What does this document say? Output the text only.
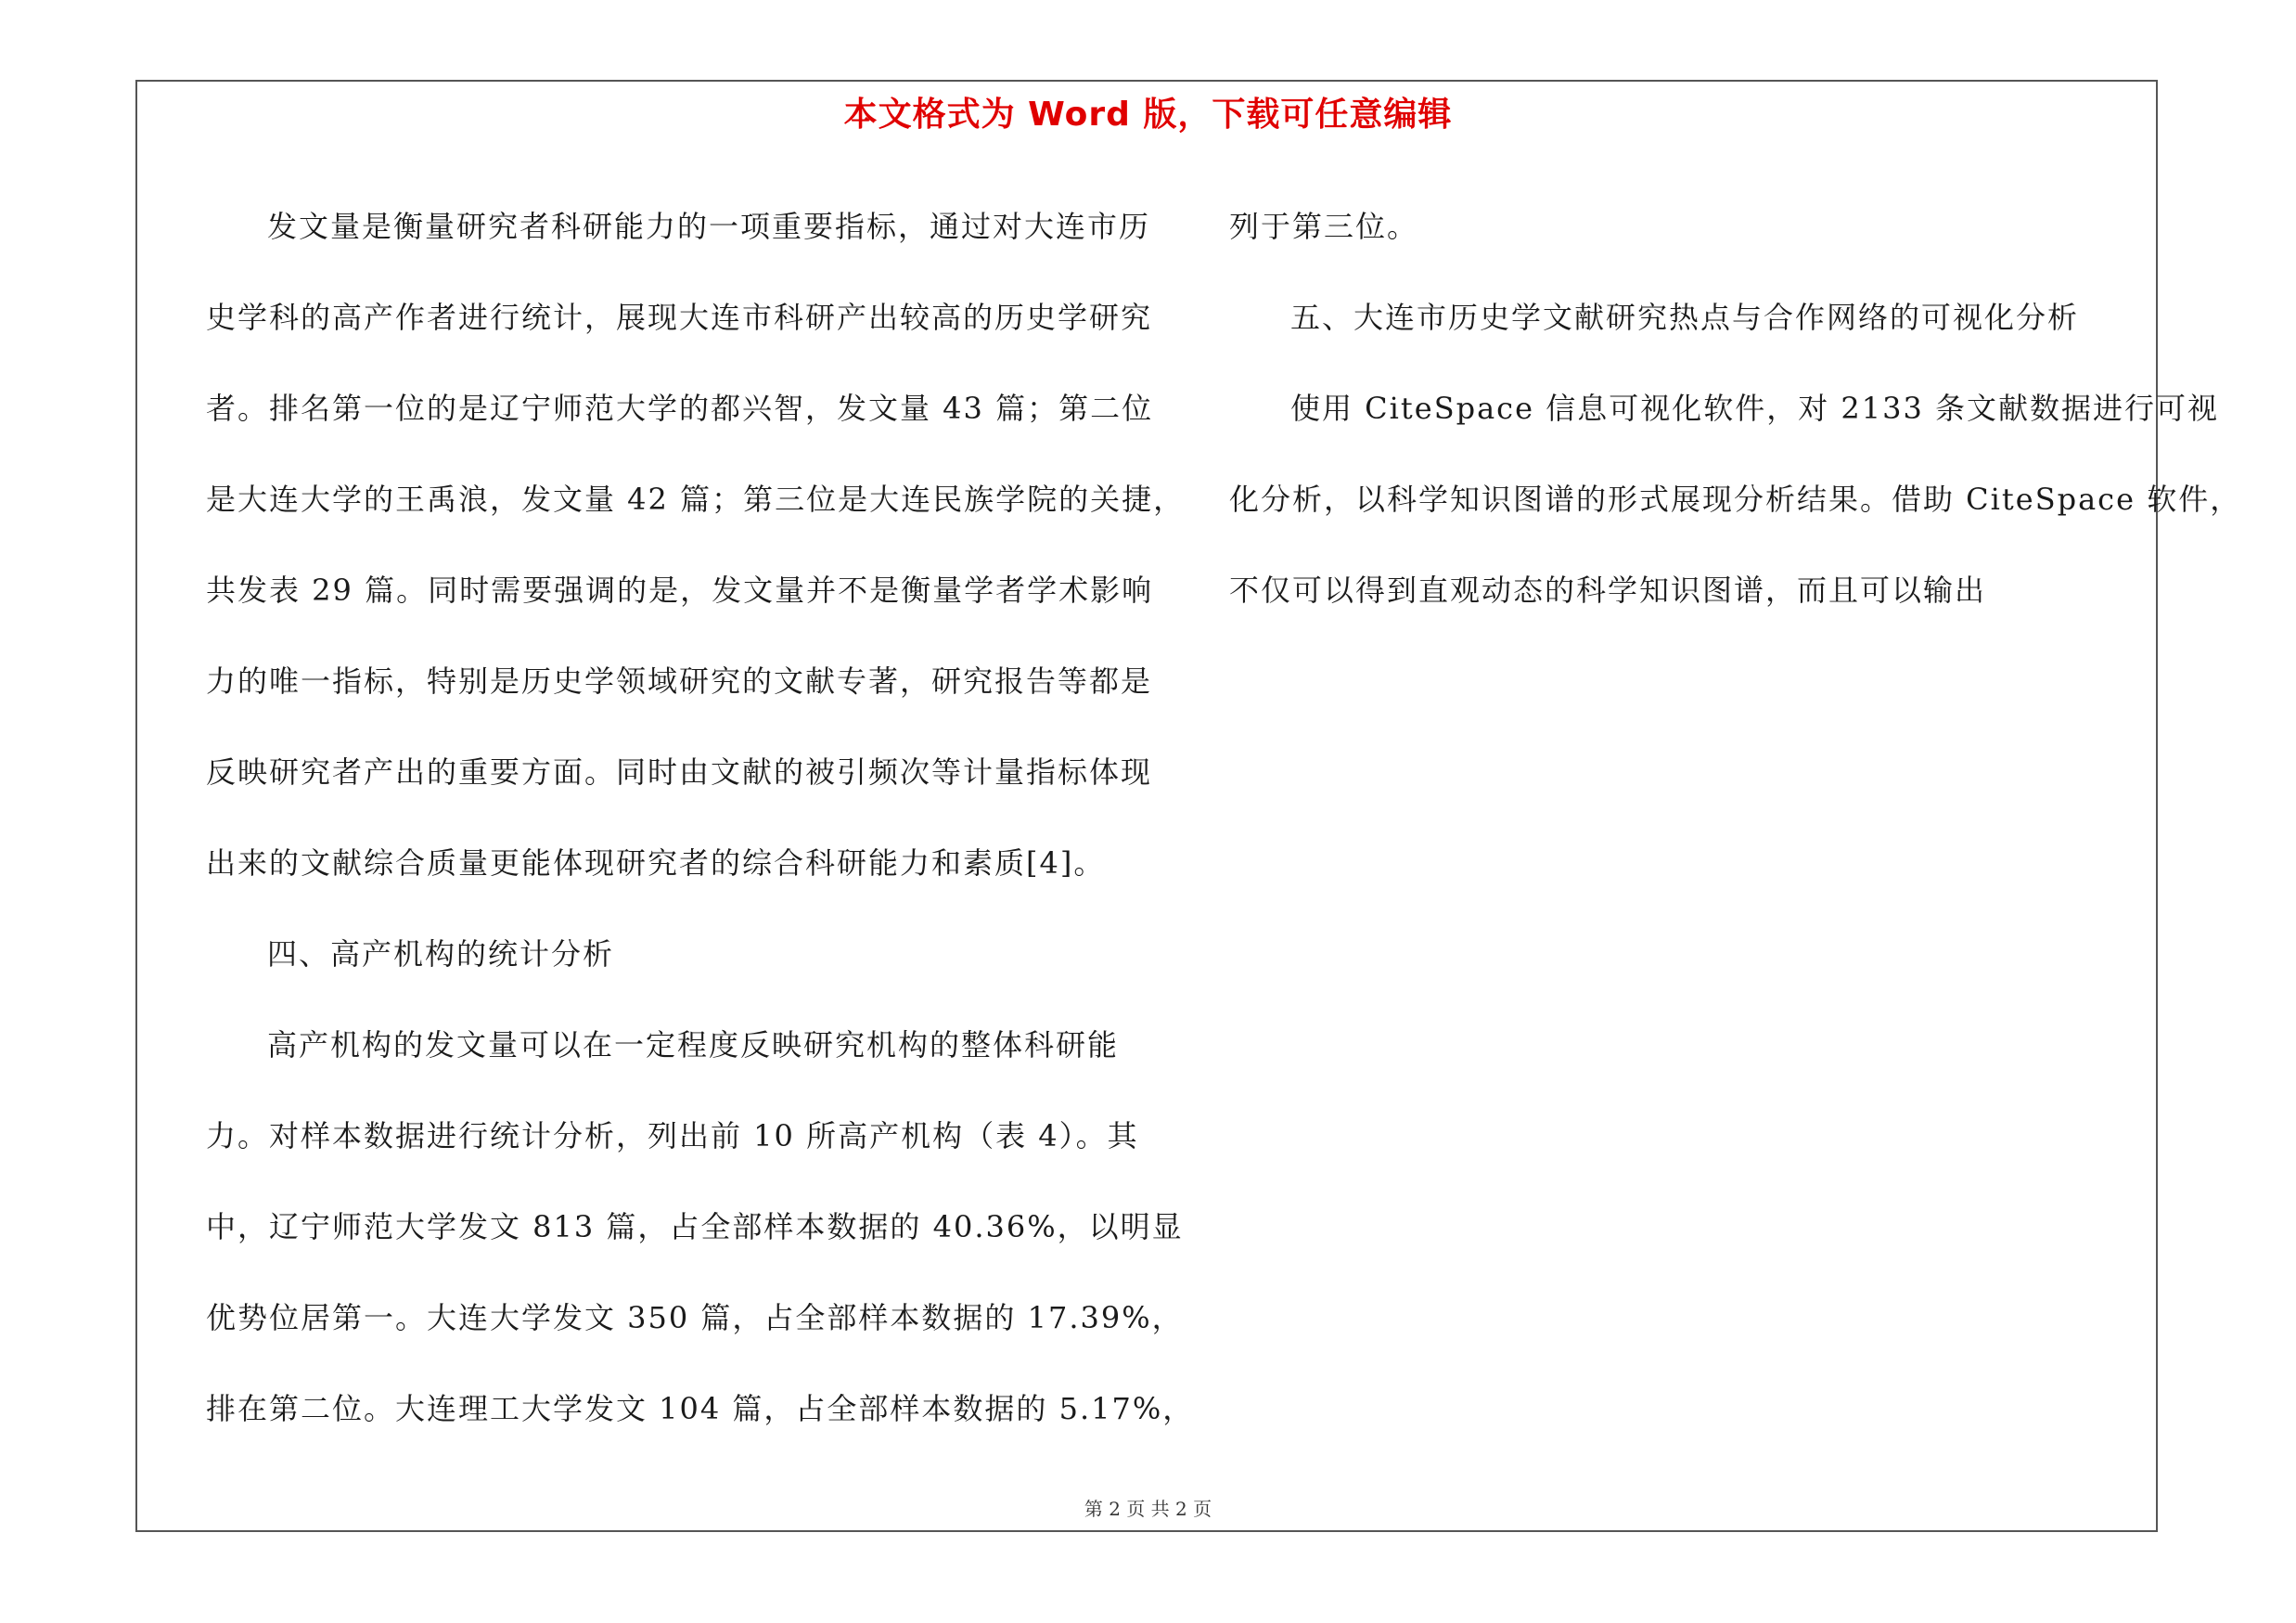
本文格式为 Word 版，下载可任意编辑
发文量是衡量研究者科研能力的一项重要指标，通过对大连市历
史学科的高产作者进行统计，展现大连市科研产出较高的历史学研究
者。排名第一位的是辽宁师范大学的都兴智，发文量 43 篇；第二位
是大连大学的王禹浪，发文量 42 篇；第三位是大连民族学院的关捷，
共发表 29 篇。同时需要强调的是，发文量并不是衡量学者学术影响
力的唯一指标，特别是历史学领域研究的文献专著，研究报告等都是
反映研究者产出的重要方面。同时由文献的被引频次等计量指标体现
出来的文献综合质量更能体现研究者的综合科研能力和素质[4]。
四、高产机构的统计分析
高产机构的发文量可以在一定程度反映研究机构的整体科研能
力。对样本数据进行统计分析，列出前 10 所高产机构（表 4）。其
中，辽宁师范大学发文 813 篇，占全部样本数据的 40.36%，以明显
优势位居第一。大连大学发文 350 篇，占全部样本数据的 17.39%，
排在第二位。大连理工大学发文 104 篇，占全部样本数据的 5.17%，
列于第三位。
五、大连市历史学文献研究热点与合作网络的可视化分析
使用 CiteSpace 信息可视化软件，对 2133 条文献数据进行可视
化分析，以科学知识图谱的形式展现分析结果。借助 CiteSpace 软件，
不仅可以得到直观动态的科学知识图谱，而且可以输出
第 2 页 共 2 页
